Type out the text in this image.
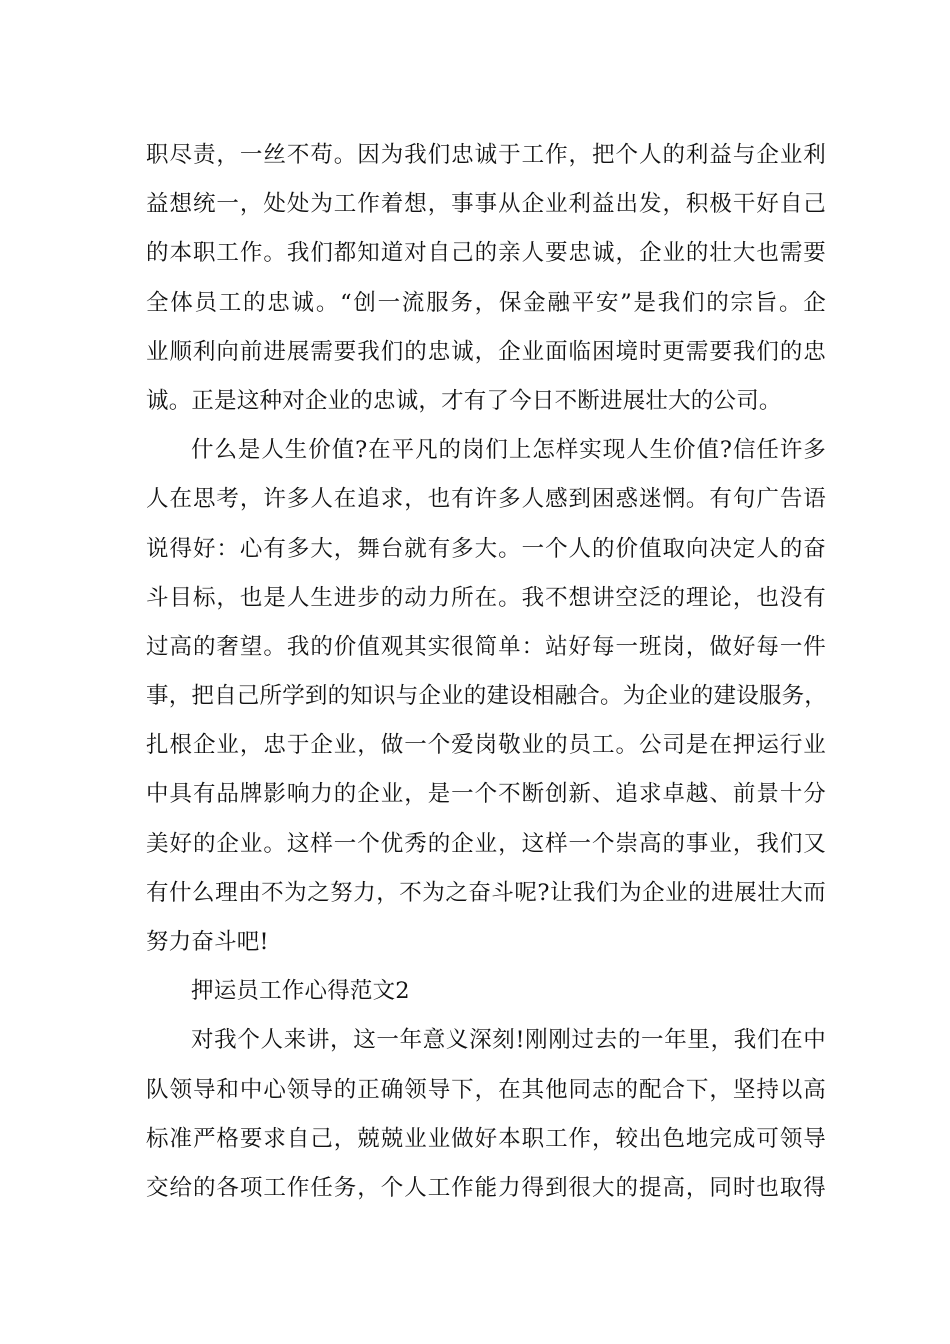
职尽责，一丝不苟。因为我们忠诚于工作，把个人的利益与企业利
益想统一，处处为工作着想，事事从企业利益出发，积极干好自己
的本职工作。我们都知道对自己的亲人要忠诚，企业的壮大也需要
全体员工的忠诚。“创一流服务，保金融平安”是我们的宗旨。企
业顺利向前进展需要我们的忠诚，企业面临困境时更需要我们的忠
诚。正是这种对企业的忠诚，才有了今日不断进展壮大的公司。
什么是人生价值?在平凡的岗们上怎样实现人生价值?信任许多
人在思考，许多人在追求，也有许多人感到困惑迷惘。有句广告语
说得好：心有多大，舞台就有多大。一个人的价值取向决定人的奋
斗目标，也是人生进步的动力所在。我不想讲空泛的理论，也没有
过高的奢望。我的价值观其实很简单：站好每一班岗，做好每一件
事，把自己所学到的知识与企业的建设相融合。为企业的建设服务，
扎根企业，忠于企业，做一个爱岗敬业的员工。公司是在押运行业
中具有品牌影响力的企业，是一个不断创新、追求卓越、前景十分
美好的企业。这样一个优秀的企业，这样一个崇高的事业，我们又
有什么理由不为之努力，不为之奋斗呢?让我们为企业的进展壮大而
努力奋斗吧!
押运员工作心得范文2
对我个人来讲，这一年意义深刻!刚刚过去的一年里，我们在中
队领导和中心领导的正确领导下，在其他同志的配合下，坚持以高
标准严格要求自己，兢兢业业做好本职工作，较出色地完成可领导
交给的各项工作任务，个人工作能力得到很大的提高，同时也取得
